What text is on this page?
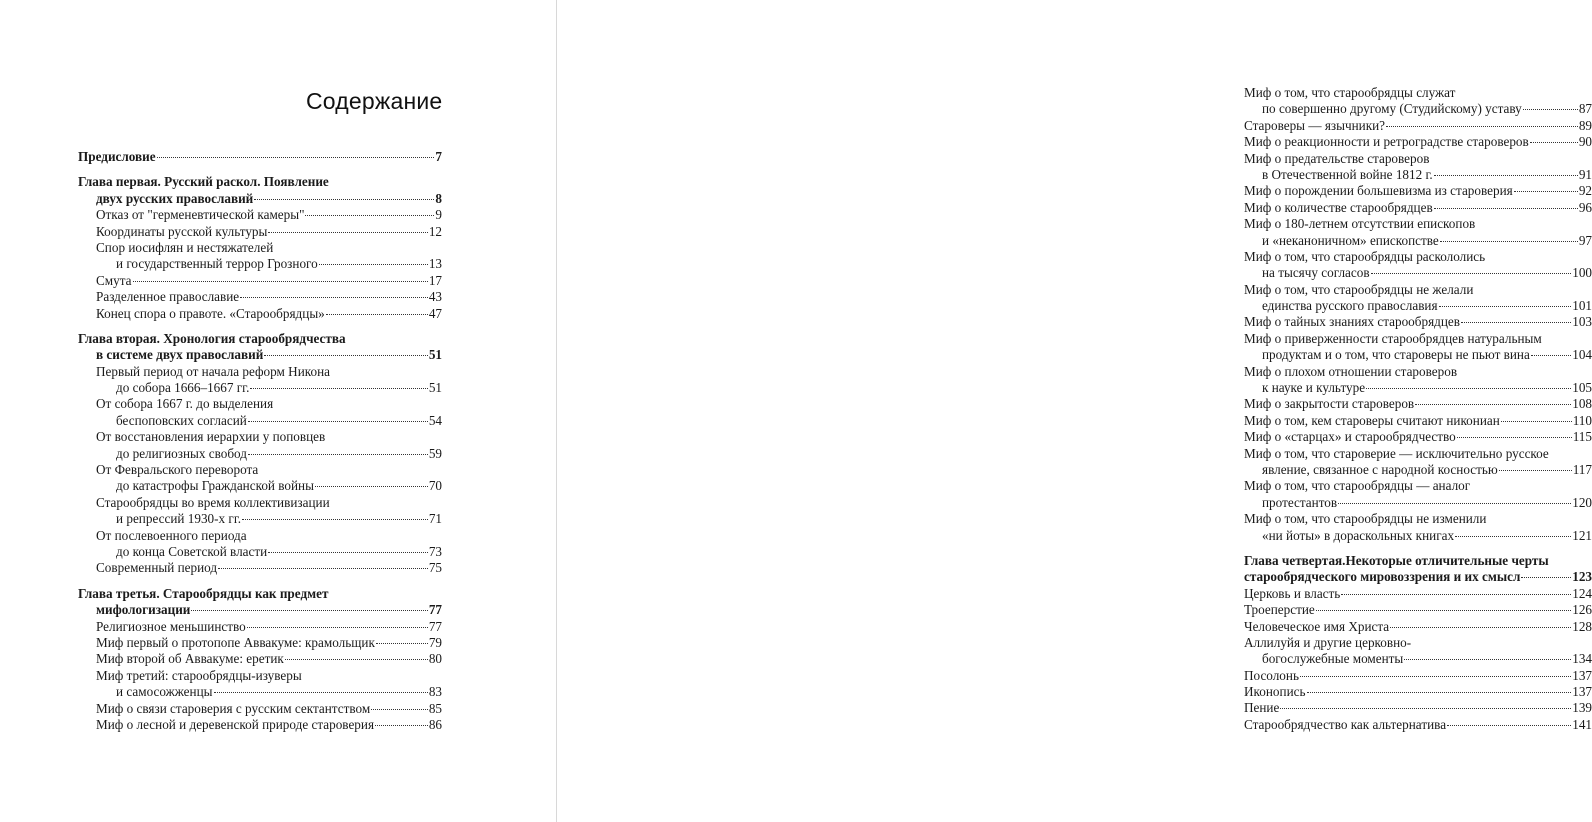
Содержание
Предисловие	7
Глава первая. Русский раскол. Появление
двух русских православий	8
Отказ от "герменевтической камеры"	9
Координаты русской культуры	12
Спор иосифлян и нестяжателей
и государственный террор Грозного	13
Смута	17
Разделенное православие	43
Конец спора о правоте. «Старообрядцы»	47
Глава вторая. Хронология старообрядчества
в системе двух православий	51
Первый период от начала реформ Никона
до собора 1666–1667 гг.	51
От собора 1667 г. до выделения
беспоповских согласий	54
От восстановления иерархии у поповцев
до религиозных свобод	59
От Февральского переворота
до катастрофы Гражданской войны	70
Старообрядцы во время коллективизации
и репрессий 1930-х гг.	71
От послевоенного периода
до конца Советской власти	73
Современный период	75
Глава третья. Старообрядцы как предмет
мифологизации	77
Религиозное меньшинство	77
Миф первый о протопопе Аввакуме: крамольщик	79
Миф второй об Аввакуме: еретик	80
Миф третий: старообрядцы-изуверы
и самосожженцы	83
Миф о связи староверия с русским сектантством	85
Миф о лесной и деревенской природе староверия	86
Миф о том, что старообрядцы служат
по совершенно другому (Студийскому) уставу	87
Староверы — язычники?	89
Миф о реакционности и ретроградстве староверов	90
Миф о предательстве староверов
в Отечественной войне 1812 г.	91
Миф о порождении большевизма из староверия	92
Миф о количестве старообрядцев	96
Миф о 180-летнем отсутствии епископов
и «неканоничном» епископстве	97
Миф о том, что старообрядцы раскололись
на тысячу согласов	100
Миф о том, что старообрядцы не желали
единства русского православия	101
Миф о тайных знаниях старообрядцев	103
Миф о приверженности старообрядцев натуральным
продуктам и о том, что староверы не пьют вина	104
Миф о плохом отношении староверов
к науке и культуре	105
Миф о закрытости староверов	108
Миф о том, кем староверы считают никониан	110
Миф о «старцах» и старообрядчество	115
Миф о том, что староверие — исключительно русское
явление, связанное с народной косностью	117
Миф о том, что старообрядцы — аналог
протестантов	120
Миф о том, что старообрядцы не изменили
«ни йоты» в дораскольных книгах	121
Глава четвертая.Некоторые отличительные черты
старообрядческого мировоззрения и их смысл	123
Церковь и власть	124
Троеперстие	126
Человеческое имя Христа	128
Аллилуйя и другие церковно-
богослужебные моменты	134
Посолонь	137
Иконопись	137
Пение	139
Старообрядчество как альтернатива	141
